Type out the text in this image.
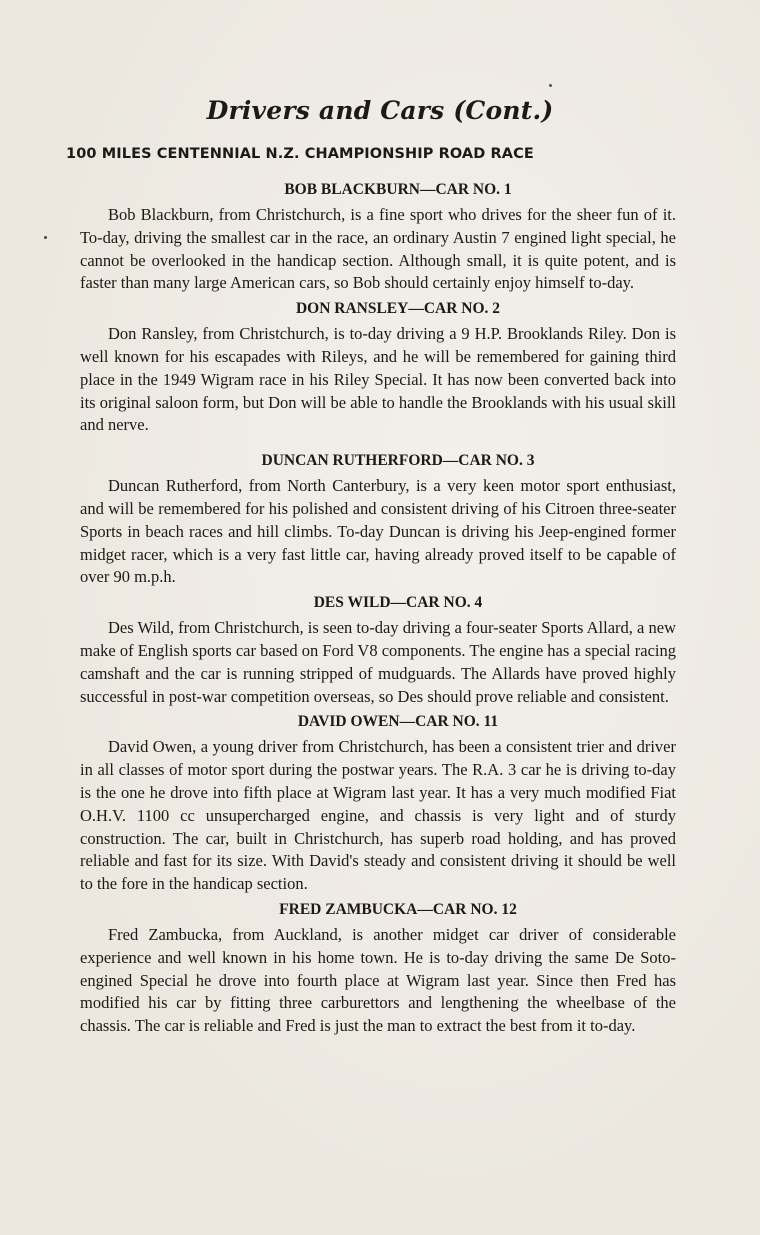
Drivers and Cars (Cont.)
100 MILES CENTENNIAL N.Z. CHAMPIONSHIP ROAD RACE
BOB BLACKBURN—CAR NO. 1

Bob Blackburn, from Christchurch, is a fine sport who drives for the sheer fun of it. To-day, driving the smallest car in the race, an ordinary Austin 7 engined light special, he cannot be overlooked in the handicap section. Although small, it is quite potent, and is faster than many large American cars, so Bob should certainly enjoy himself to-day.

DON RANSLEY—CAR NO. 2

Don Ransley, from Christchurch, is to-day driving a 9 H.P. Brooklands Riley. Don is well known for his escapades with Rileys, and he will be remembered for gaining third place in the 1949 Wigram race in his Riley Special. It has now been converted back into its original saloon form, but Don will be able to handle the Brooklands with his usual skill and nerve.

DUNCAN RUTHERFORD—CAR NO. 3

Duncan Rutherford, from North Canterbury, is a very keen motor sport enthusiast, and will be remembered for his polished and consistent driving of his Citroen three-seater Sports in beach races and hill climbs. To-day Duncan is driving his Jeep-engined former midget racer, which is a very fast little car, having already proved itself to be capable of over 90 m.p.h.

DES WILD—CAR NO. 4

Des Wild, from Christchurch, is seen to-day driving a four-seater Sports Allard, a new make of English sports car based on Ford V8 components. The engine has a special racing camshaft and the car is running stripped of mudguards. The Allards have proved highly successful in post-war competition overseas, so Des should prove reliable and consistent.

DAVID OWEN—CAR NO. 11

David Owen, a young driver from Christchurch, has been a consistent trier and driver in all classes of motor sport during the postwar years. The R.A. 3 car he is driving to-day is the one he drove into fifth place at Wigram last year. It has a very much modified Fiat O.H.V. 1100 cc unsupercharged engine, and chassis is very light and of sturdy construction. The car, built in Christchurch, has superb road holding, and has proved reliable and fast for its size. With David's steady and consistent driving it should be well to the fore in the handicap section.

FRED ZAMBUCKA—CAR NO. 12

Fred Zambucka, from Auckland, is another midget car driver of considerable experience and well known in his home town. He is to-day driving the same De Soto-engined Special he drove into fourth place at Wigram last year. Since then Fred has modified his car by fitting three carburettors and lengthening the wheelbase of the chassis. The car is reliable and Fred is just the man to extract the best from it to-day.
